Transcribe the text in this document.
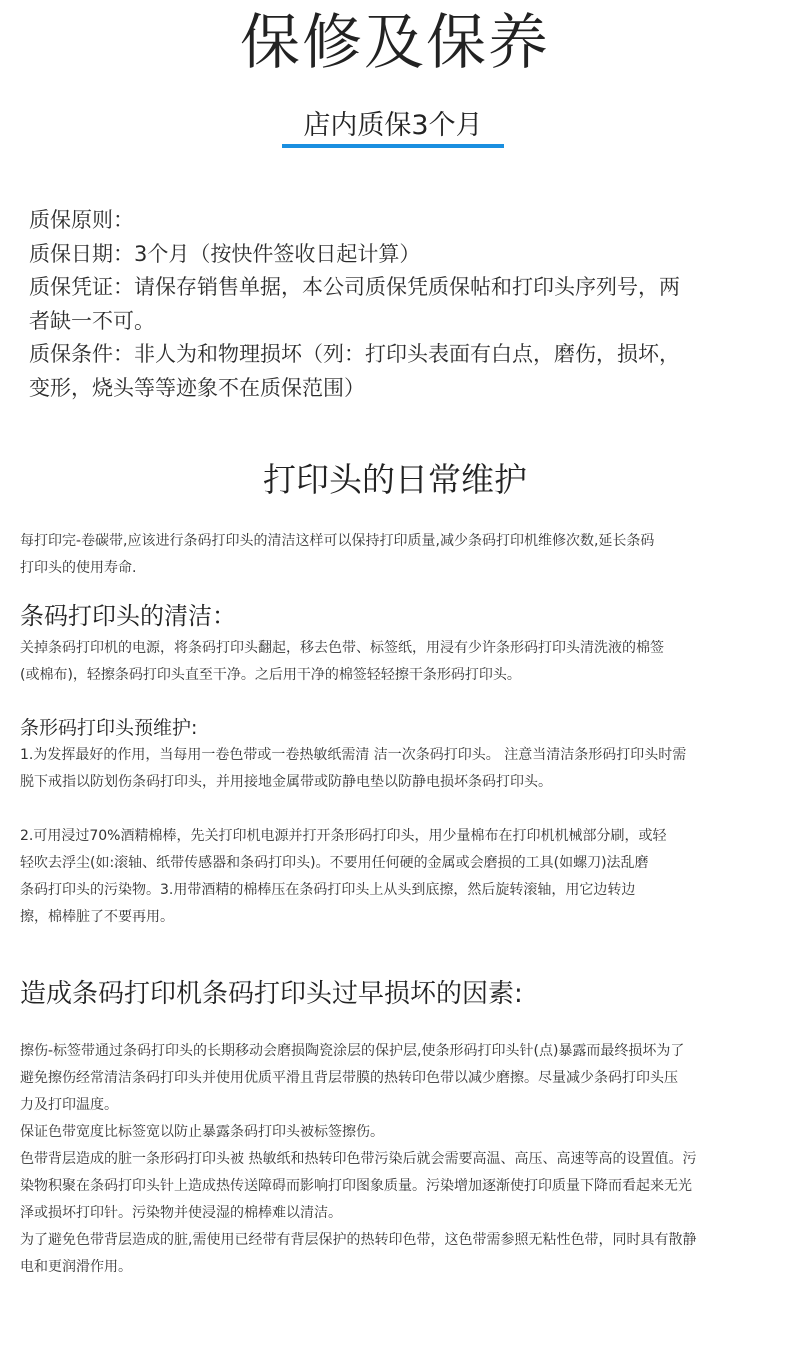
保修及保养
店内质保3个月

质保原则：

质保日期：3个月（按快件签收日起计算）

质保凭证：请保存销售单据，本公司质保凭质保帖和打印头序列号，两

者缺一不可。

质保条件：非人为和物理损坏（列：打印头表面有白点，磨伤，损坏，

变形，烧头等等迹象不在质保范围）

打印头的日常维护

每打印完-卷碳带,应该进行条码打印头的清洁这样可以保持打印质量,减少条码打印机维修次数,延长条码

打印头的使用寿命.

条码打印头的清洁：

关掉条码打印机的电源，将条码打印头翻起，移去色带、标签纸，用浸有少许条形码打印头清洗液的棉签

(或棉布)，轻擦条码打印头直至干净。之后用干净的棉签轻轻擦干条形码打印头。

条形码打印头预维护:

1.为发挥最好的作用，当每用一卷色带或一卷热敏纸需清 洁一次条码打印头。 注意当清洁条形码打印头时需

脱下戒指以防划伤条码打印头，并用接地金属带或防静电垫以防静电损坏条码打印头。

2.可用浸过70%酒精棉棒，先关打印机电源并打开条形码打印头，用少量棉布在打印机机械部分刷，或轻

轻吹去浮尘(如:滚轴、纸带传感器和条码打印头)。不要用任何硬的金属或会磨损的工具(如螺刀)法乱磨

条码打印头的污染物。3.用带酒精的棉棒压在条码打印头上从头到底擦，然后旋转滚轴，用它边转边

擦，棉棒脏了不要再用。

造成条码打印机条码打印头过早损坏的因素:

擦伤-标签带通过条码打印头的长期移动会磨损陶瓷涂层的保护层,使条形码打印头针(点)暴露而最终损坏为了

避免擦伤经常清洁条码打印头并使用优质平滑且背层带膜的热转印色带以减少磨擦。尽量减少条码打印头压

力及打印温度。

保证色带宽度比标签宽以防止暴露条码打印头被标签擦伤。

色带背层造成的脏一条形码打印头被 热敏纸和热转印色带污染后就会需要高温、高压、高速等高的设置值。污

染物积聚在条码打印头针上造成热传送障碍而影响打印图象质量。污染增加逐渐使打印质量下降而看起来无光

泽或损坏打印针。污染物并使浸湿的棉棒难以清洁。

为了避免色带背层造成的脏,需使用已经带有背层保护的热转印色带，这色带需参照无粘性色带，同时具有散静

电和更润滑作用。
